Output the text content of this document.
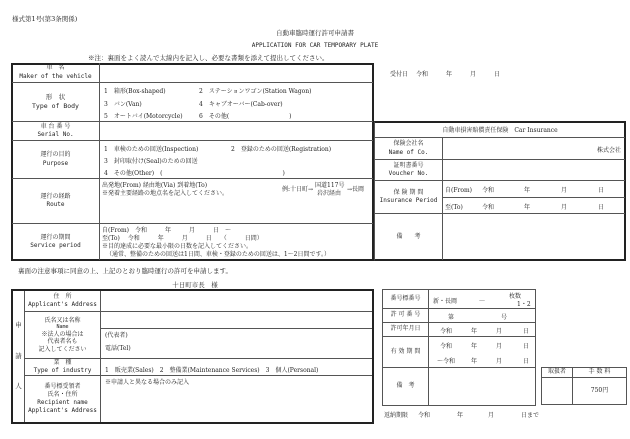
様式第1号(第3条関係)
自動車臨時運行許可申請書
APPLICATION FOR CAR TEMPORARY PLATE
※注：裏面をよく読んで太線内を記入し、必要な書類を添えて提出してください。
受付日	令和	年	月	日
車　名
Maker of the vehicle
形　状
Type of Body
1　箱形(Box-shaped)	2　ステーションワゴン(Station Wagon)
3　バン(Van)	4　キャブオーバー(Cab-over)
5　オートバイ(Motorcycle)	6　その他(　　　　　　　　　　)
車 台 番 号
Serial No.
運行の目的
Purpose
1　車検のための回送(Inspection)	2　登録のための回送(Registration)
3　封印取付け(Seal)のための回送
4　その他(Other)　(　　　　　　　　　　　　　　　　　　　　)
運行の経路
Route
出発地(From) 経由地(Via) 到着地(To)
※発着主要経路の地点名を記入してください。
例:十日町→
国道117号
岩沢経由
→長岡
運行の期間
Service period
自(From)　令和　　　年　　　月　　　日　～
至(To)　 令和　　　年　　　月　　　日　　（　　　日間）
※目的達成に必要な最小限の日数を記入してください。
（通常、整備のための回送は1日間、車検・登録のための回送は、1～2日間です。）
自動車損害賠償責任保険　Car Insurance
保険会社名
Name of Co.	株式会社
証明書番号
Voucher No.
保 険 期 間
Insurance Period
自(From) 令和	年	月	日
至(To)	令和	年	月	日
備　　考
裏面の注意事項に同意の上、上記のとおり臨時運行の許可を申請します。
十日町市長　様
申
請
人
住　所
Applicant's Address
氏名又は名称
Name
※法人の場合は
代表者名も
記入してください
(代表者)
電話(Tel)
業　種
Type of industry 1　販売業(Sales)　2　整備業(Maintenance Services)　3　個人(Personal)
番号標受領者
氏名・住所
Recipient name
Applicant's Address
※申請人と異なる場合のみ記入
番号標番号	新・長岡	—
枚数
1・2
許 可 番 号	第	号
許可年月日	令和	年	月	日
有 効 期 間
令和	年	月	日
～令和	年	月	日
備　考
返納期限 令和	年	月	日まで
取扱者	手 数 料
750円
